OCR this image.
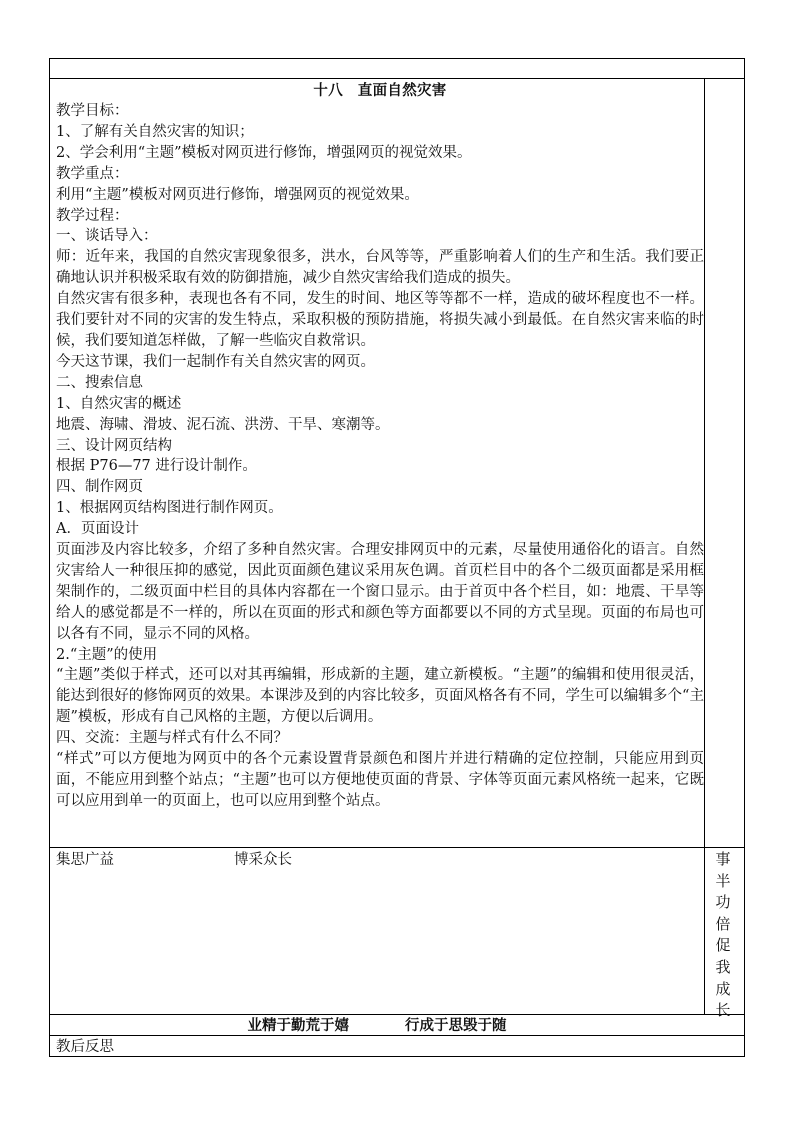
十八　直面自然灾害

教学目标：

1、了解有关自然灾害的知识；

2、学会利用“主题”模板对网页进行修饰，增强网页的视觉效果。

教学重点：

利用“主题”模板对网页进行修饰，增强网页的视觉效果。

教学过程：

一、谈话导入：

师：近年来，我国的自然灾害现象很多，洪水，台风等等，严重影响着人们的生产和生活。我们要正确地认识并积极采取有效的防御措施，减少自然灾害给我们造成的损失。

自然灾害有很多种，表现也各有不同，发生的时间、地区等等都不一样，造成的破坏程度也不一样。我们要针对不同的灾害的发生特点，采取积极的预防措施，将损失减小到最低。在自然灾害来临的时候，我们要知道怎样做，了解一些临灾自救常识。

今天这节课，我们一起制作有关自然灾害的网页。

二、搜索信息

1、自然灾害的概述

地震、海啸、滑坡、泥石流、洪涝、干旱、寒潮等。

三、设计网页结构

根据 P76—77 进行设计制作。

四、制作网页

1、根据网页结构图进行制作网页。

A．页面设计

页面涉及内容比较多，介绍了多种自然灾害。合理安排网页中的元素，尽量使用通俗化的语言。自然灾害给人一种很压抑的感觉，因此页面颜色建议采用灰色调。首页栏目中的各个二级页面都是采用框架制作的，二级页面中栏目的具体内容都在一个窗口显示。由于首页中各个栏目，如：地震、干旱等给人的感觉都是不一样的，所以在页面的形式和颜色等方面都要以不同的方式呈现。页面的布局也可以各有不同，显示不同的风格。

2.“主题”的使用

“主题”类似于样式，还可以对其再编辑，形成新的主题，建立新模板。“主题”的编辑和使用很灵活，能达到很好的修饰网页的效果。本课涉及到的内容比较多，页面风格各有不同，学生可以编辑多个“主题”模板，形成有自己风格的主题，方便以后调用。

四、交流：主题与样式有什么不同？

“样式”可以方便地为网页中的各个元素设置背景颜色和图片并进行精确的定位控制，只能应用到页面，不能应用到整个站点；“主题”也可以方便地使页面的背景、字体等页面元素风格统一起来，它既可以应用到单一的页面上，也可以应用到整个站点。

集思广益	博采众长	事
半
功
倍
促
我
成
长
业精于勤荒于嬉	行成于思毁于随
教后反思
